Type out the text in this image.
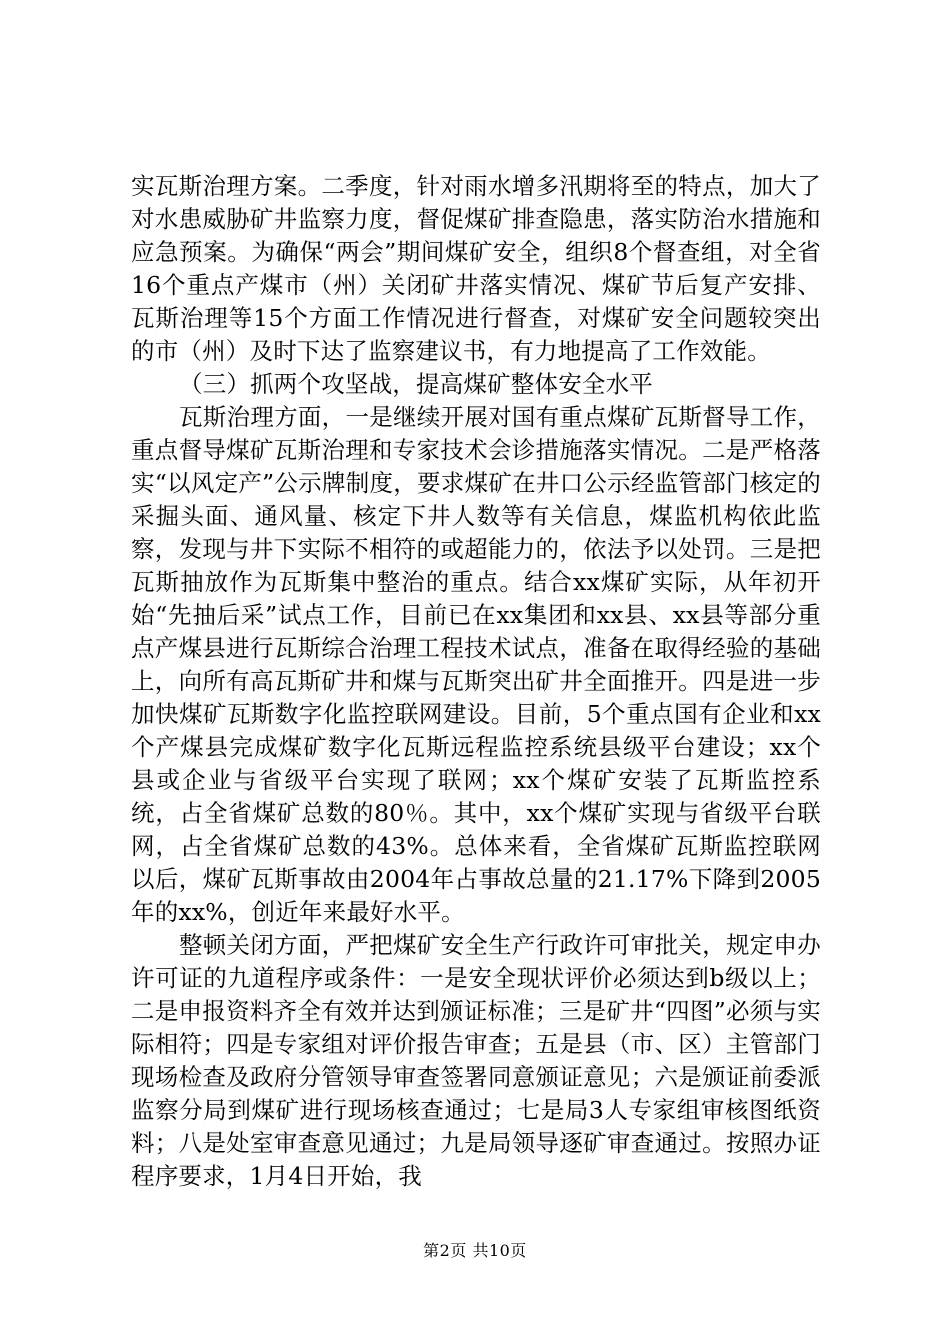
实瓦斯治理方案。二季度，针对雨水增多汛期将至的特点，加大了对水患威胁矿井监察力度，督促煤矿排查隐患，落实防治水措施和应急预案。为确保“两会”期间煤矿安全，组织8个督查组，对全省16个重点产煤市（州）关闭矿井落实情况、煤矿节后复产安排、瓦斯治理等15个方面工作情况进行督查，对煤矿安全问题较突出的市（州）及时下达了监察建议书，有力地提高了工作效能。

（三）抓两个攻坚战，提高煤矿整体安全水平

瓦斯治理方面，一是继续开展对国有重点煤矿瓦斯督导工作，重点督导煤矿瓦斯治理和专家技术会诊措施落实情况。二是严格落实“以风定产”公示牌制度，要求煤矿在井口公示经监管部门核定的采掘头面、通风量、核定下井人数等有关信息，煤监机构依此监察，发现与井下实际不相符的或超能力的，依法予以处罚。三是把瓦斯抽放作为瓦斯集中整治的重点。结合xx煤矿实际，从年初开始“先抽后采”试点工作，目前已在xx集团和xx县、xx县等部分重点产煤县进行瓦斯综合治理工程技术试点，准备在取得经验的基础上，向所有高瓦斯矿井和煤与瓦斯突出矿井全面推开。四是进一步加快煤矿瓦斯数字化监控联网建设。目前，5个重点国有企业和xx个产煤县完成煤矿数字化瓦斯远程监控系统县级平台建设；xx个县或企业与省级平台实现了联网；xx个煤矿安装了瓦斯监控系统，占全省煤矿总数的80％。其中，xx个煤矿实现与省级平台联网，占全省煤矿总数的43%。总体来看，全省煤矿瓦斯监控联网以后，煤矿瓦斯事故由2004年占事故总量的21.17%下降到2005年的xx%，创近年来最好水平。

整顿关闭方面，严把煤矿安全生产行政许可审批关，规定申办许可证的九道程序或条件：一是安全现状评价必须达到b级以上；二是申报资料齐全有效并达到颁证标准；三是矿井“四图”必须与实际相符；四是专家组对评价报告审查；五是县（市、区）主管部门现场检查及政府分管领导审查签署同意颁证意见；六是颁证前委派监察分局到煤矿进行现场核查通过；七是局3人专家组审核图纸资料；八是处室审查意见通过；九是局领导逐矿审查通过。按照办证程序要求，1月4日开始，我

第2页 共10页
